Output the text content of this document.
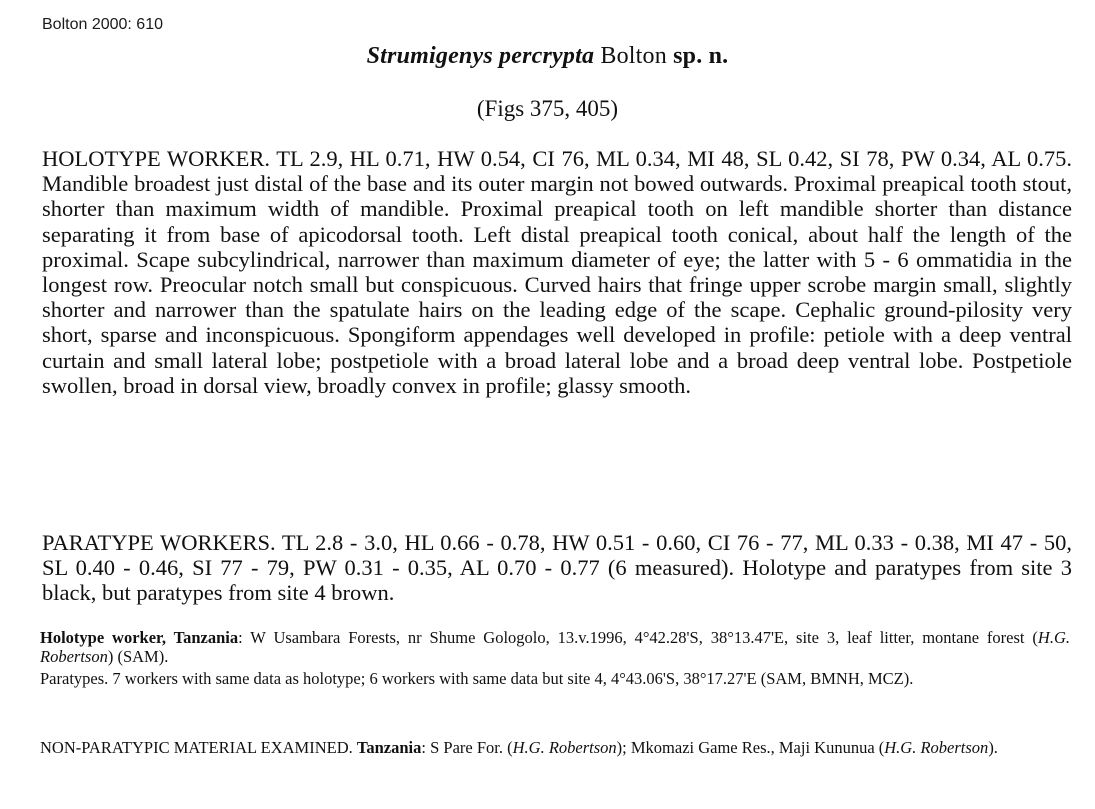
Bolton 2000: 610
Strumigenys percrypta Bolton sp. n.
(Figs 375, 405)

HOLOTYPE WORKER. TL 2.9, HL 0.71, HW 0.54, CI 76, ML 0.34, MI 48, SL 0.42, SI 78, PW 0.34, AL 0.75. Mandible broadest just distal of the base and its outer margin not bowed outwards. Proximal preapical tooth stout, shorter than maximum width of mandible. Proximal preapical tooth on left mandible shorter than distance separating it from base of apicodorsal tooth. Left distal preapical tooth conical, about half the length of the proximal. Scape subcylindrical, narrower than maximum diameter of eye; the latter with 5 - 6 ommatidia in the longest row. Preocular notch small but conspicuous. Curved hairs that fringe upper scrobe margin small, slightly shorter and narrower than the spatulate hairs on the leading edge of the scape. Cephalic ground-pilosity very short, sparse and inconspicuous. Spongiform appendages well developed in profile: petiole with a deep ventral curtain and small lateral lobe; postpetiole with a broad lateral lobe and a broad deep ventral lobe. Postpetiole swollen, broad in dorsal view, broadly convex in profile; glassy smooth.

PARATYPE WORKERS. TL 2.8 - 3.0, HL 0.66 - 0.78, HW 0.51 - 0.60, CI 76 - 77, ML 0.33 - 0.38, MI 47 - 50, SL 0.40 - 0.46, SI 77 - 79, PW 0.31 - 0.35, AL 0.70 - 0.77 (6 measured). Holotype and paratypes from site 3 black, but paratypes from site 4 brown.

Holotype worker, Tanzania: W Usambara Forests, nr Shume Gologolo, 13.v.1996, 4°42.28'S, 38°13.47'E, site 3, leaf litter, montane forest (H.G. Robertson) (SAM).

Paratypes. 7 workers with same data as holotype; 6 workers with same data but site 4, 4°43.06'S, 38°17.27'E (SAM, BMNH, MCZ).

NON-PARATYPIC MATERIAL EXAMINED. Tanzania: S Pare For. (H.G. Robertson); Mkomazi Game Res., Maji Kununua (H.G. Robertson).
